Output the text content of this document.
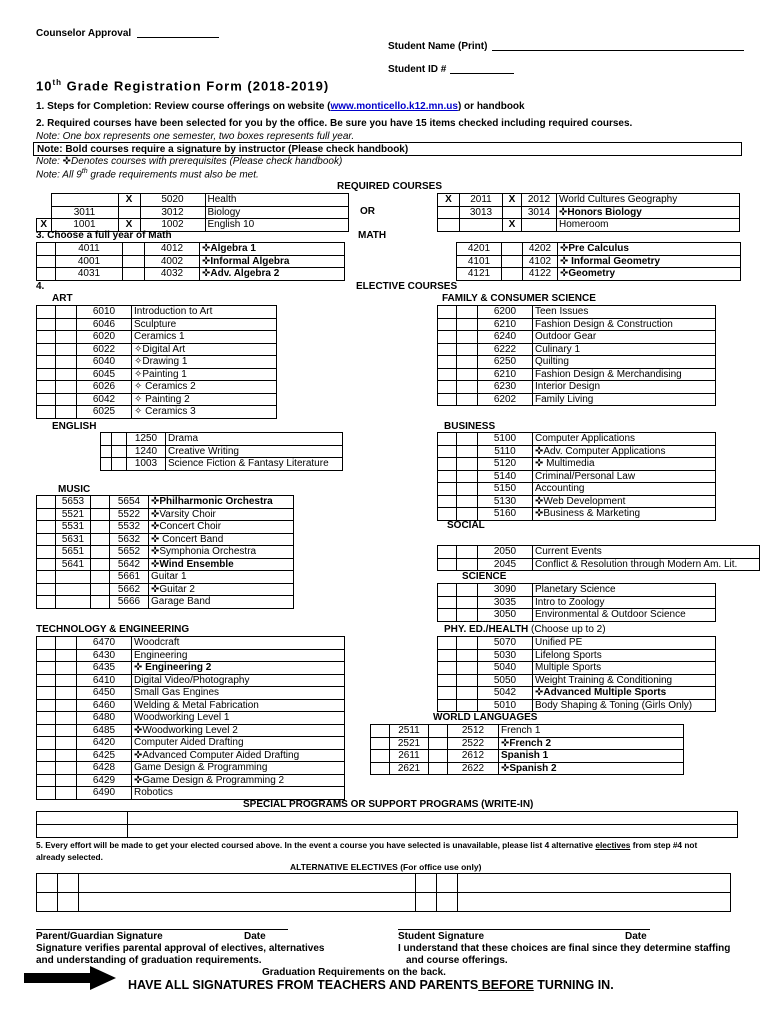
Counselor Approval
Student Name (Print)
Student ID #
10th Grade Registration Form (2018-2019)
1. Steps for Completion: Review course offerings on website (www.monticello.k12.mn.us) or handbook
2. Required courses have been selected for you by the office. Be sure you have 15 items checked including required courses.
Note: One box represents one semester, two boxes represents full year.
Note: Bold courses require a signature by instructor (Please check handbook)
Note: ✜Denotes courses with prerequisites (Please check handbook)
Note: All 9th grade requirements must also be met.
REQUIRED COURSES
		X	5020	Health
	3011		3012	Biology
X	1001	X	1002	English 10
OR
MATH
X	2011	X	2012	World Cultures Geography
	3013		3014	✜Honors Biology
		X		Homeroom
3. Choose a full year of Math
	4011		4012	✜Algebra 1
	4001		4002	✜Informal Algebra
	4031		4032	✜Adv. Algebra 2
4201		4202	✜Pre Calculus
4101		4102	✜ Informal Geometry
4121		4122	✜Geometry
4.	ELECTIVE COURSES
ART
		6010	Introduction to Art
		6046	Sculpture
		6020	Ceramics 1
		6022	✧Digital Art
		6040	✧Drawing 1
		6045	✧Painting 1
		6026	✧ Ceramics 2
		6042	✧ Painting 2
		6025	✧ Ceramics 3
FAMILY & CONSUMER SCIENCE
		6200	Teen Issues
		6210	Fashion Design & Construction
		6240	Outdoor Gear
		6222	Culinary 1
		6250	Quilting
		6210	Fashion Design & Merchandising
		6230	Interior Design
		6202	Family Living
ENGLISH
		1250	Drama
		1240	Creative Writing
		1003	Science Fiction & Fantasy Literature
BUSINESS
		5100	Computer Applications
		5110	✜Adv. Computer Applications
		5120	✜ Multimedia
		5140	Criminal/Personal Law
		5150	Accounting
		5130	✜Web Development
		5160	✜Business & Marketing
SOCIAL
		2050	Current Events
		2045	Conflict & Resolution through Modern Am. Lit.
MUSIC
	5653		5654	✜Philharmonic Orchestra
	5521		5522	✜Varsity Choir
	5531		5532	✜Concert Choir
	5631		5632	✜ Concert Band
	5651		5652	✜Symphonia Orchestra
	5641		5642	✜Wind Ensemble
			5661	Guitar 1
			5662	✜Guitar 2
			5666	Garage Band
SCIENCE
		3090	Planetary Science
		3035	Intro to Zoology
		3050	Environmental & Outdoor Science
TECHNOLOGY & ENGINEERING
		6470	Woodcraft
		6430	Engineering
		6435	✜ Engineering 2
		6410	Digital Video/Photography
		6450	Small Gas Engines
		6460	Welding & Metal Fabrication
		6480	Woodworking Level 1
		6485	✜Woodworking Level 2
		6420	Computer Aided Drafting
		6425	✜Advanced Computer Aided Drafting
		6428	Game Design & Programming
		6429	✜Game Design & Programming 2
		6490	Robotics
PHY. ED./HEALTH (Choose up to 2)
		5070	Unified PE
		5030	Lifelong Sports
		5040	Multiple Sports
		5050	Weight Training & Conditioning
		5042	✜Advanced Multiple Sports
		5010	Body Shaping & Toning (Girls Only)
WORLD LANGUAGES
	2511		2512	French 1
	2521		2522	✜French 2
	2611		2612	Spanish 1
	2621		2622	✜Spanish 2
SPECIAL PROGRAMS OR SUPPORT PROGRAMS (WRITE-IN)

5. Every effort will be made to get your elected coursed above. In the event a course you have selected is unavailable, please list 4 alternative electives from step #4 not
already selected.
ALTERNATIVE ELECTIVES (For office use only)

Parent/Guardian Signature	Date	Student Signature	Date
Signature verifies parental approval of electives, alternatives
and understanding of graduation requirements.
I understand that these choices are final since they determine staffing
and course offerings.
Graduation Requirements on the back.
HAVE ALL SIGNATURES FROM TEACHERS AND PARENTS BEFORE TURNING IN.
